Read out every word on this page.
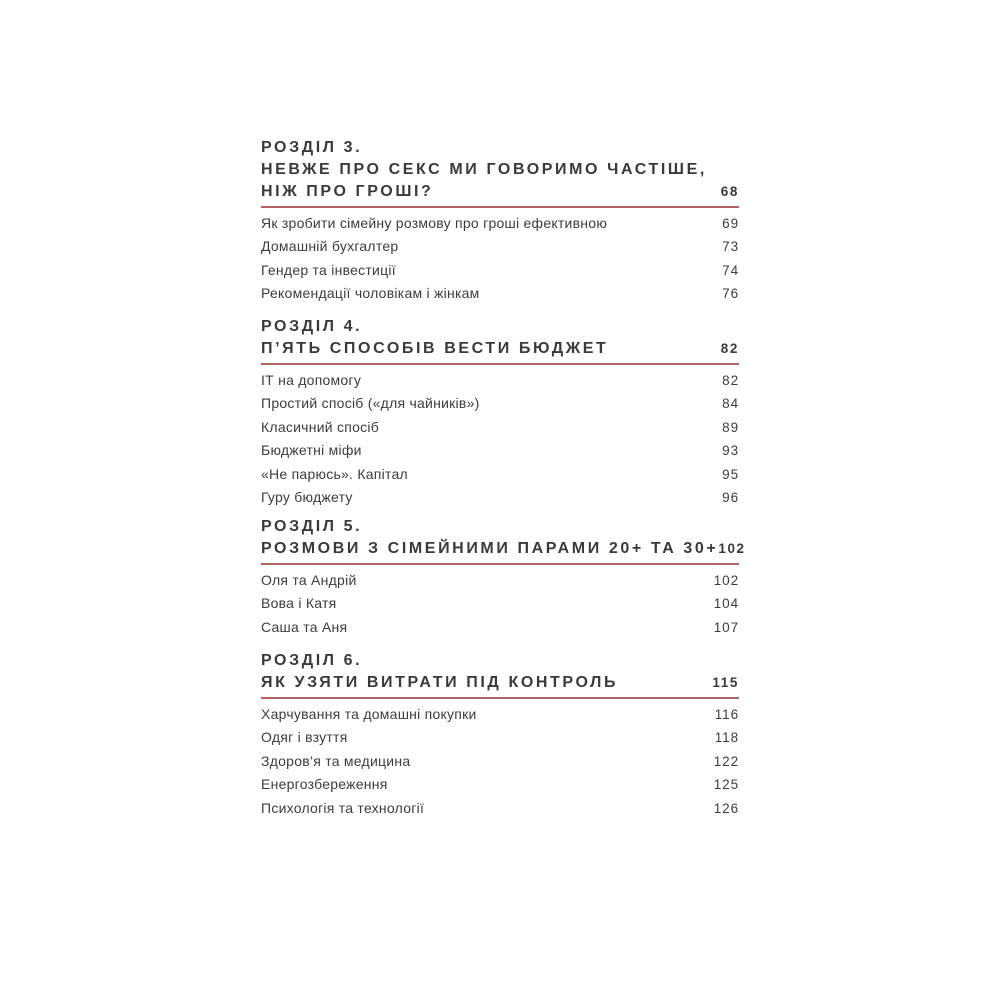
РОЗДІЛ 3.
НЕВЖЕ ПРО СЕКС МИ ГОВОРИМО ЧАСТІШЕ,
НІЖ ПРО ГРОШІ?	68
Як зробити сімейну розмову про гроші ефективною	69
Домашній бухгалтер	73
Гендер та інвестиції	74
Рекомендації чоловікам і жінкам	76
РОЗДІЛ 4.
П’ЯТЬ СПОСОБІВ ВЕСТИ БЮДЖЕТ	82
ІТ на допомогу	82
Простий спосіб («для чайників»)	84
Класичний спосіб	89
Бюджетні міфи	93
«Не парюсь». Капітал	95
Гуру бюджету	96
РОЗДІЛ 5.
РОЗМОВИ З СІМЕЙНИМИ ПАРАМИ 20+ ТА 30+ 102
Оля та Андрій	102
Вова і Катя	104
Саша та Аня	107
РОЗДІЛ 6.
ЯК УЗЯТИ ВИТРАТИ ПІД КОНТРОЛЬ	115
Харчування та домашні покупки	116
Одяг і взуття	118
Здоров’я та медицина	122
Енергозбереження	125
Психологія та технології	126
